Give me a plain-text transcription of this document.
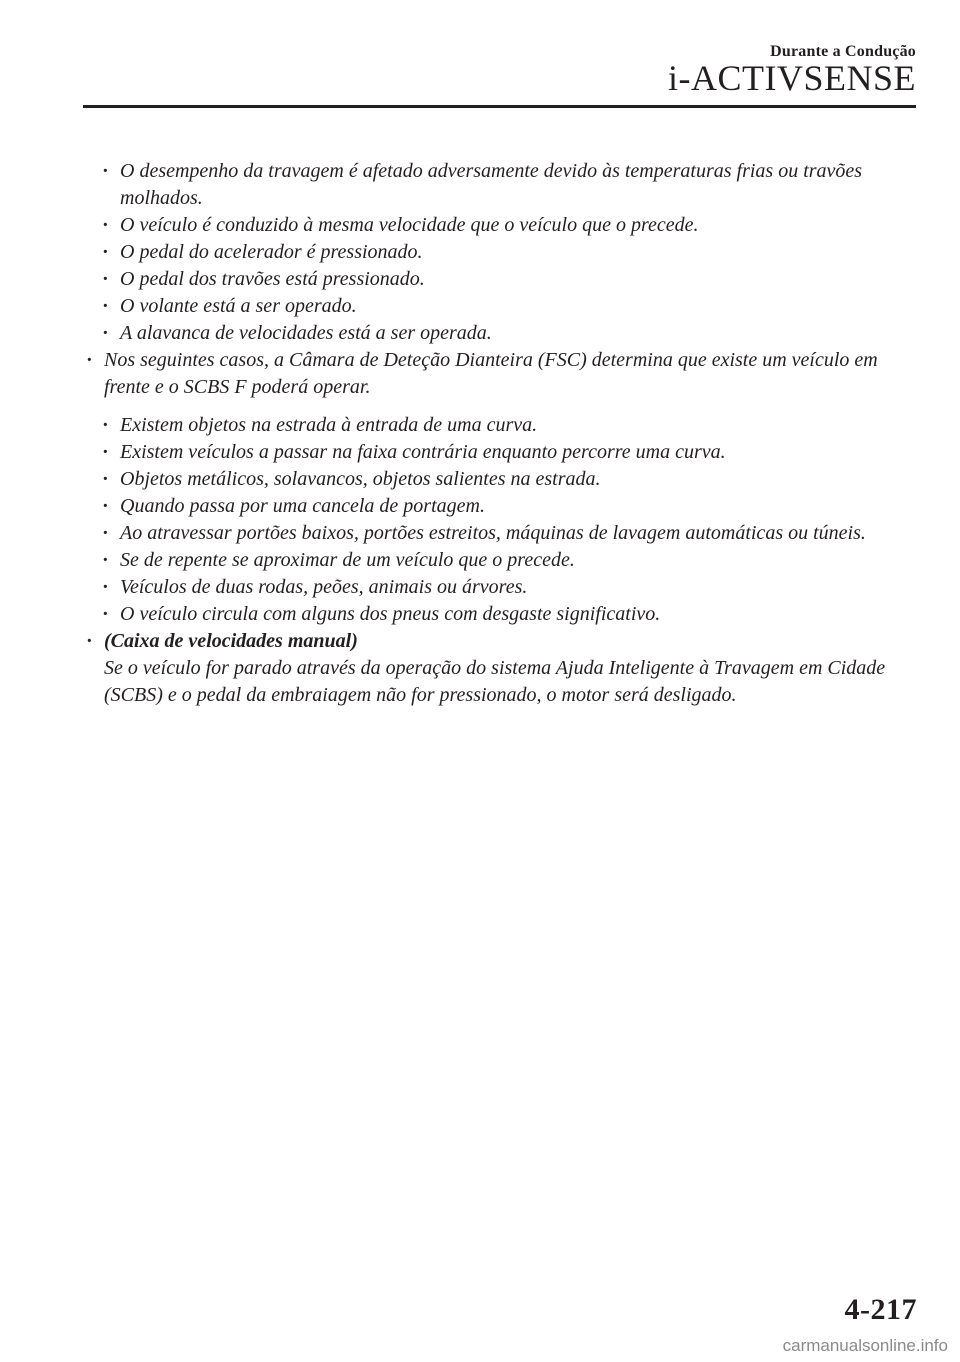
Durante a Condução
i-ACTIVSENSE
· O desempenho da travagem é afetado adversamente devido às temperaturas frias ou travões molhados.
· O veículo é conduzido à mesma velocidade que o veículo que o precede.
· O pedal do acelerador é pressionado.
· O pedal dos travões está pressionado.
· O volante está a ser operado.
· A alavanca de velocidades está a ser operada.
· Nos seguintes casos, a Câmara de Deteção Dianteira (FSC) determina que existe um veículo em frente e o SCBS F poderá operar.
· Existem objetos na estrada à entrada de uma curva.
· Existem veículos a passar na faixa contrária enquanto percorre uma curva.
· Objetos metálicos, solavancos, objetos salientes na estrada.
· Quando passa por uma cancela de portagem.
· Ao atravessar portões baixos, portões estreitos, máquinas de lavagem automáticas ou túneis.
· Se de repente se aproximar de um veículo que o precede.
· Veículos de duas rodas, peões, animais ou árvores.
· O veículo circula com alguns dos pneus com desgaste significativo.
· (Caixa de velocidades manual)
Se o veículo for parado através da operação do sistema Ajuda Inteligente à Travagem em Cidade (SCBS) e o pedal da embraiagem não for pressionado, o motor será desligado.
4-217
carmanualsonline.info
